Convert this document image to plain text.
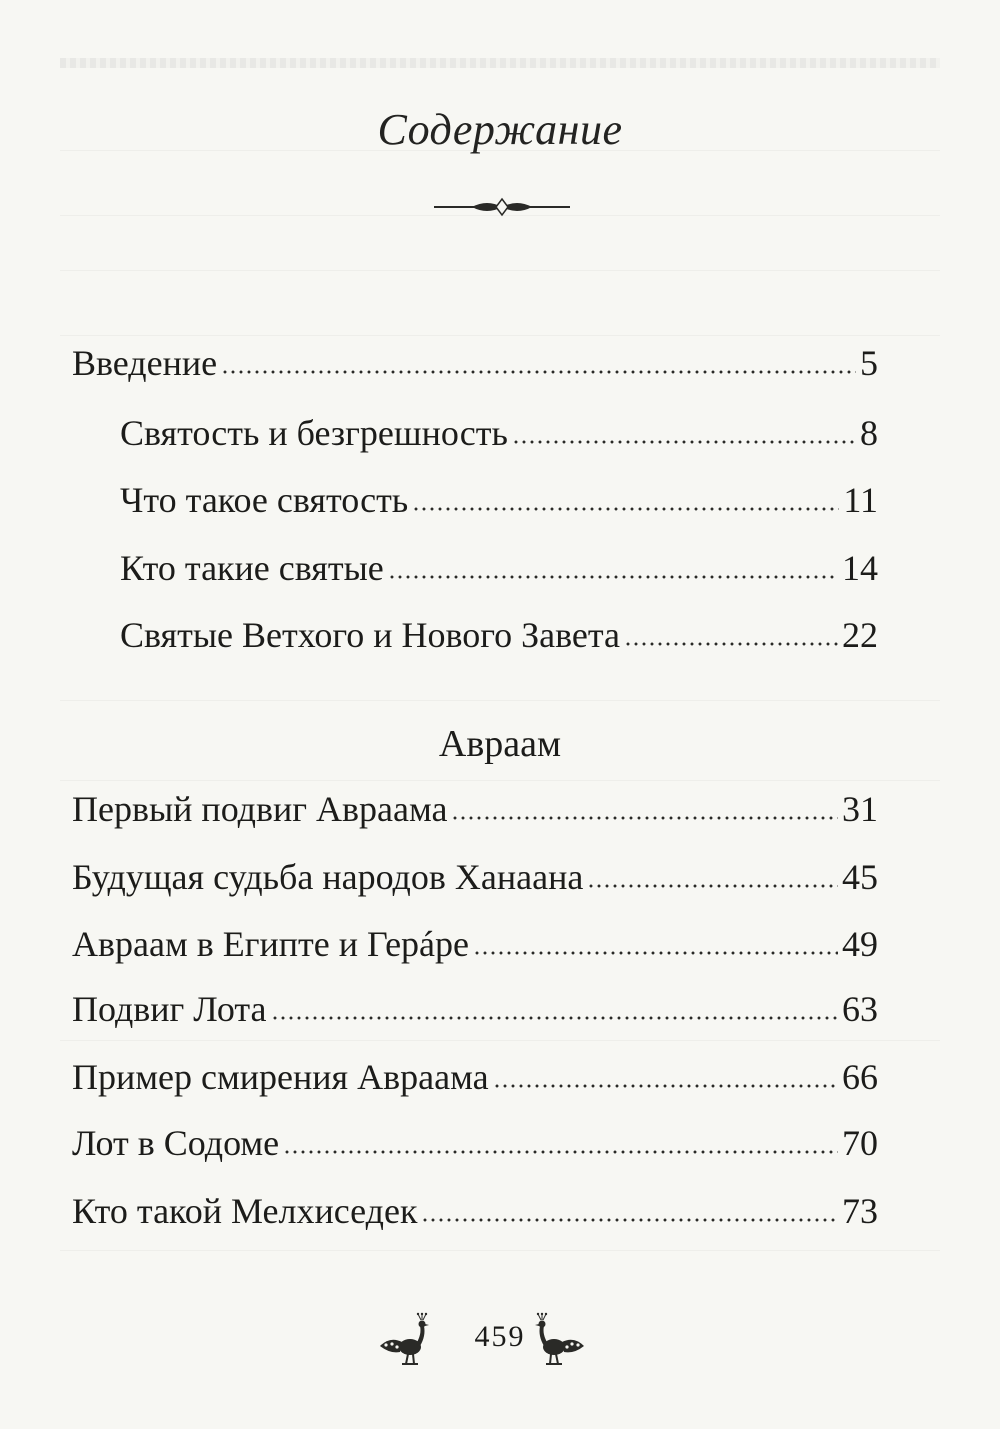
Содержание
Введение	5
Святость и безгрешность	8
Что такое святость	11
Кто такие святые	14
Святые Ветхого и Нового Завета	22
Авраам
Первый подвиг Авраама	31
Будущая судьба народов Ханаана	45
Авраам в Египте и Герáре	49
Подвиг Лота	63
Пример смирения Авраама	66
Лот в Содоме	70
Кто такой Мелхиседек	73
459
